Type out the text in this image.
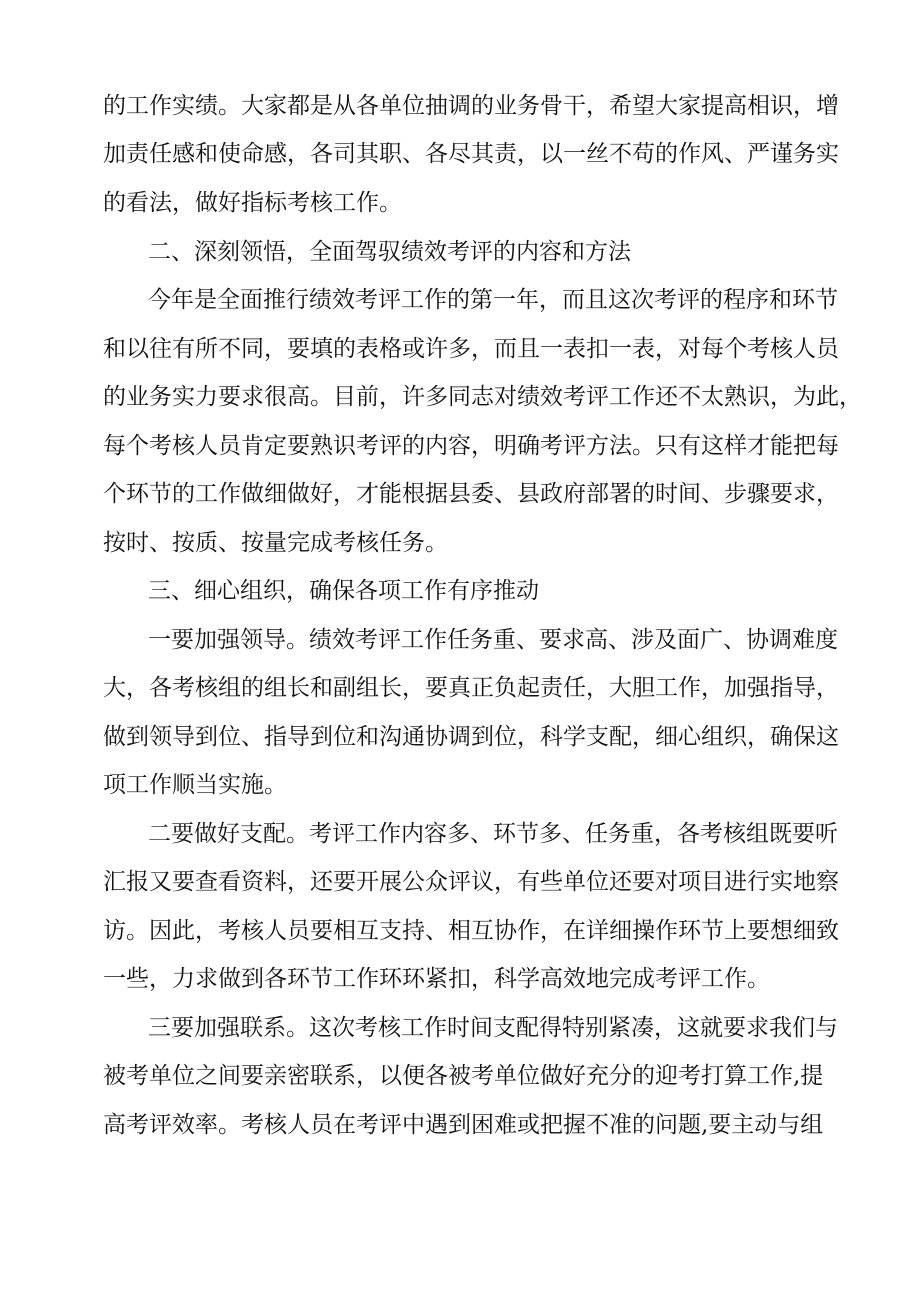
的工作实绩。大家都是从各单位抽调的业务骨干，希望大家提高相识，增

加责任感和使命感，各司其职、各尽其责，以一丝不苟的作风、严谨务实

的看法，做好指标考核工作。

二、深刻领悟，全面驾驭绩效考评的内容和方法

今年是全面推行绩效考评工作的第一年，而且这次考评的程序和环节

和以往有所不同，要填的表格或许多，而且一表扣一表，对每个考核人员

的业务实力要求很高。目前，许多同志对绩效考评工作还不太熟识，为此，

每个考核人员肯定要熟识考评的内容，明确考评方法。只有这样才能把每

个环节的工作做细做好，才能根据县委、县政府部署的时间、步骤要求，

按时、按质、按量完成考核任务。

三、细心组织，确保各项工作有序推动

一要加强领导。绩效考评工作任务重、要求高、涉及面广、协调难度

大，各考核组的组长和副组长，要真正负起责任，大胆工作，加强指导，

做到领导到位、指导到位和沟通协调到位，科学支配，细心组织，确保这

项工作顺当实施。

二要做好支配。考评工作内容多、环节多、任务重，各考核组既要听

汇报又要查看资料，还要开展公众评议，有些单位还要对项目进行实地察

访。因此，考核人员要相互支持、相互协作，在详细操作环节上要想细致

一些，力求做到各环节工作环环紧扣，科学高效地完成考评工作。

三要加强联系。这次考核工作时间支配得特别紧凑，这就要求我们与

被考单位之间要亲密联系，以便各被考单位做好充分的迎考打算工作,提

高考评效率。考核人员在考评中遇到困难或把握不准的问题,要主动与组
